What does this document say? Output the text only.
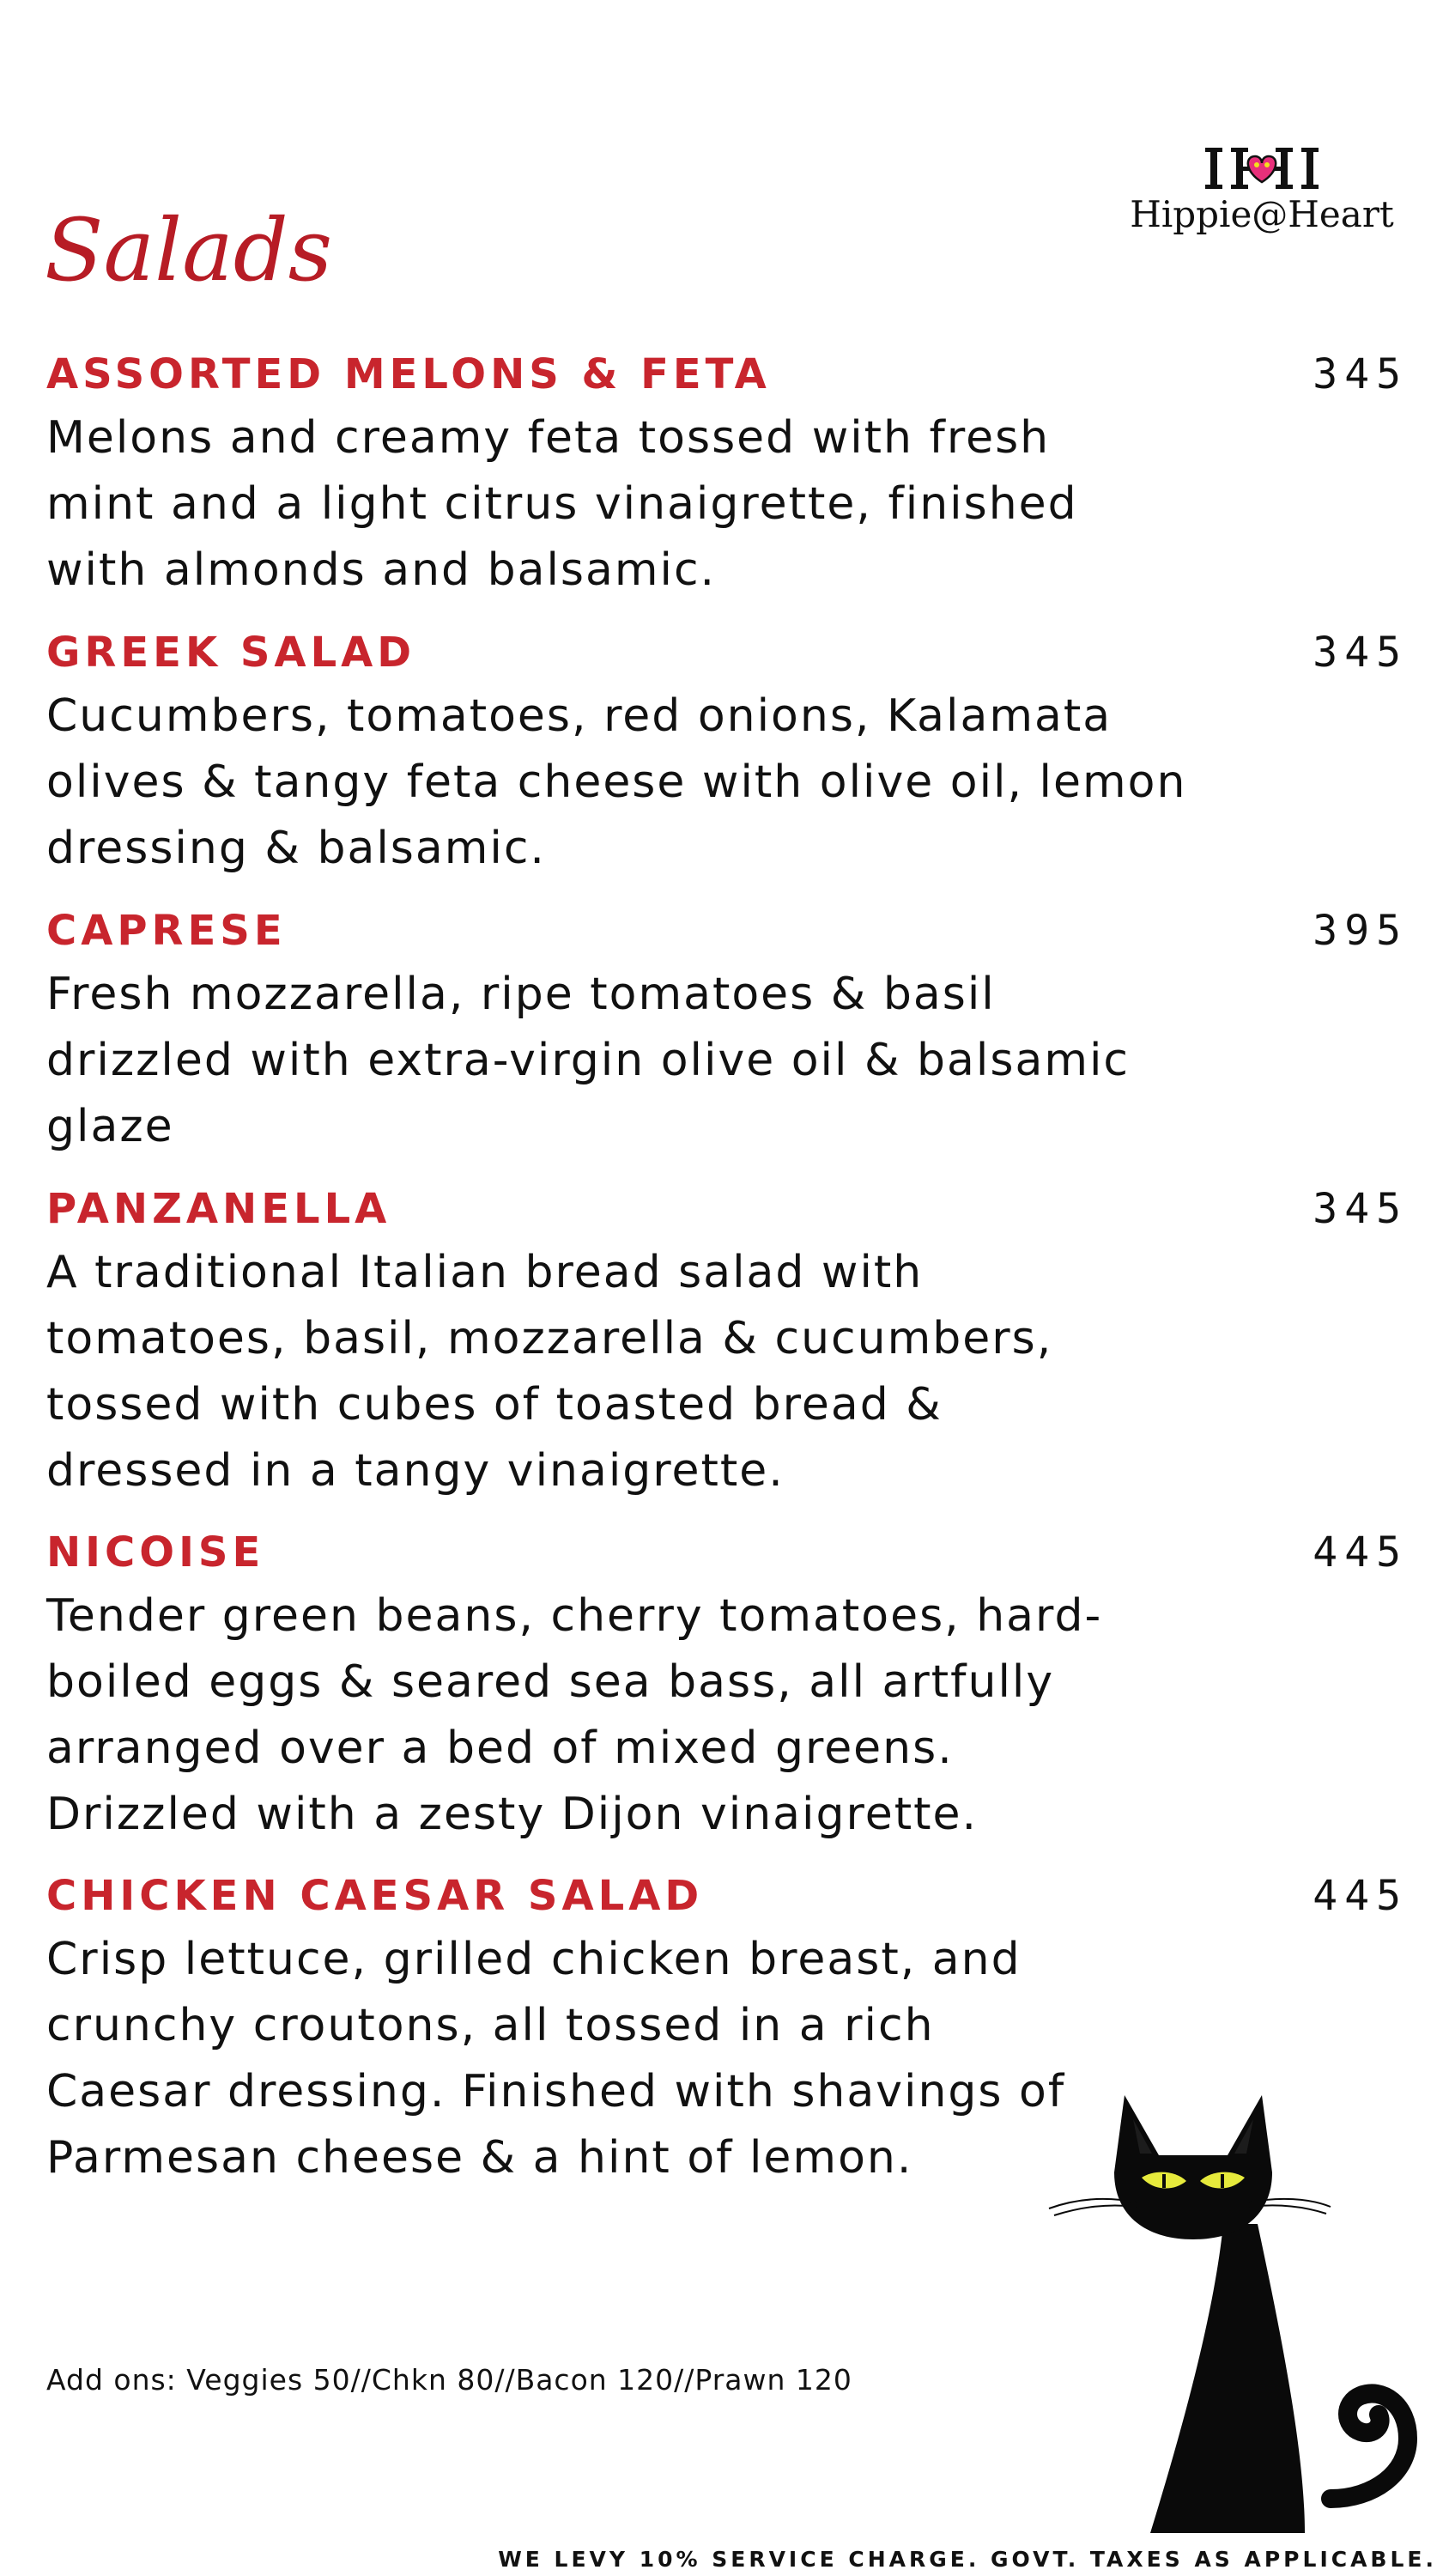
Hippie@Heart
Salads
ASSORTED MELONS & FETA	345
Melons and creamy feta tossed with fresh mint and a light citrus vinaigrette, finished with almonds and balsamic.
GREEK SALAD	345
Cucumbers, tomatoes, red onions, Kalamata olives & tangy feta cheese with olive oil, lemon dressing & balsamic.
CAPRESE	395
Fresh mozzarella, ripe tomatoes & basil drizzled with extra-virgin olive oil & balsamic glaze
PANZANELLA	345
A traditional Italian bread salad with tomatoes, basil, mozzarella & cucumbers, tossed with cubes of toasted bread & dressed in a tangy vinaigrette.
NICOISE	445
Tender green beans, cherry tomatoes, hard-boiled eggs & seared sea bass, all artfully arranged over a bed of mixed greens. Drizzled with a zesty Dijon vinaigrette.
CHICKEN CAESAR SALAD	445
Crisp lettuce, grilled chicken breast, and crunchy croutons, all tossed in a rich Caesar dressing. Finished with shavings of Parmesan cheese & a hint of lemon.
Add ons: Veggies 50//Chkn 80//Bacon 120//Prawn 120
WE LEVY 10% SERVICE CHARGE. GOVT. TAXES AS APPLICABLE.
